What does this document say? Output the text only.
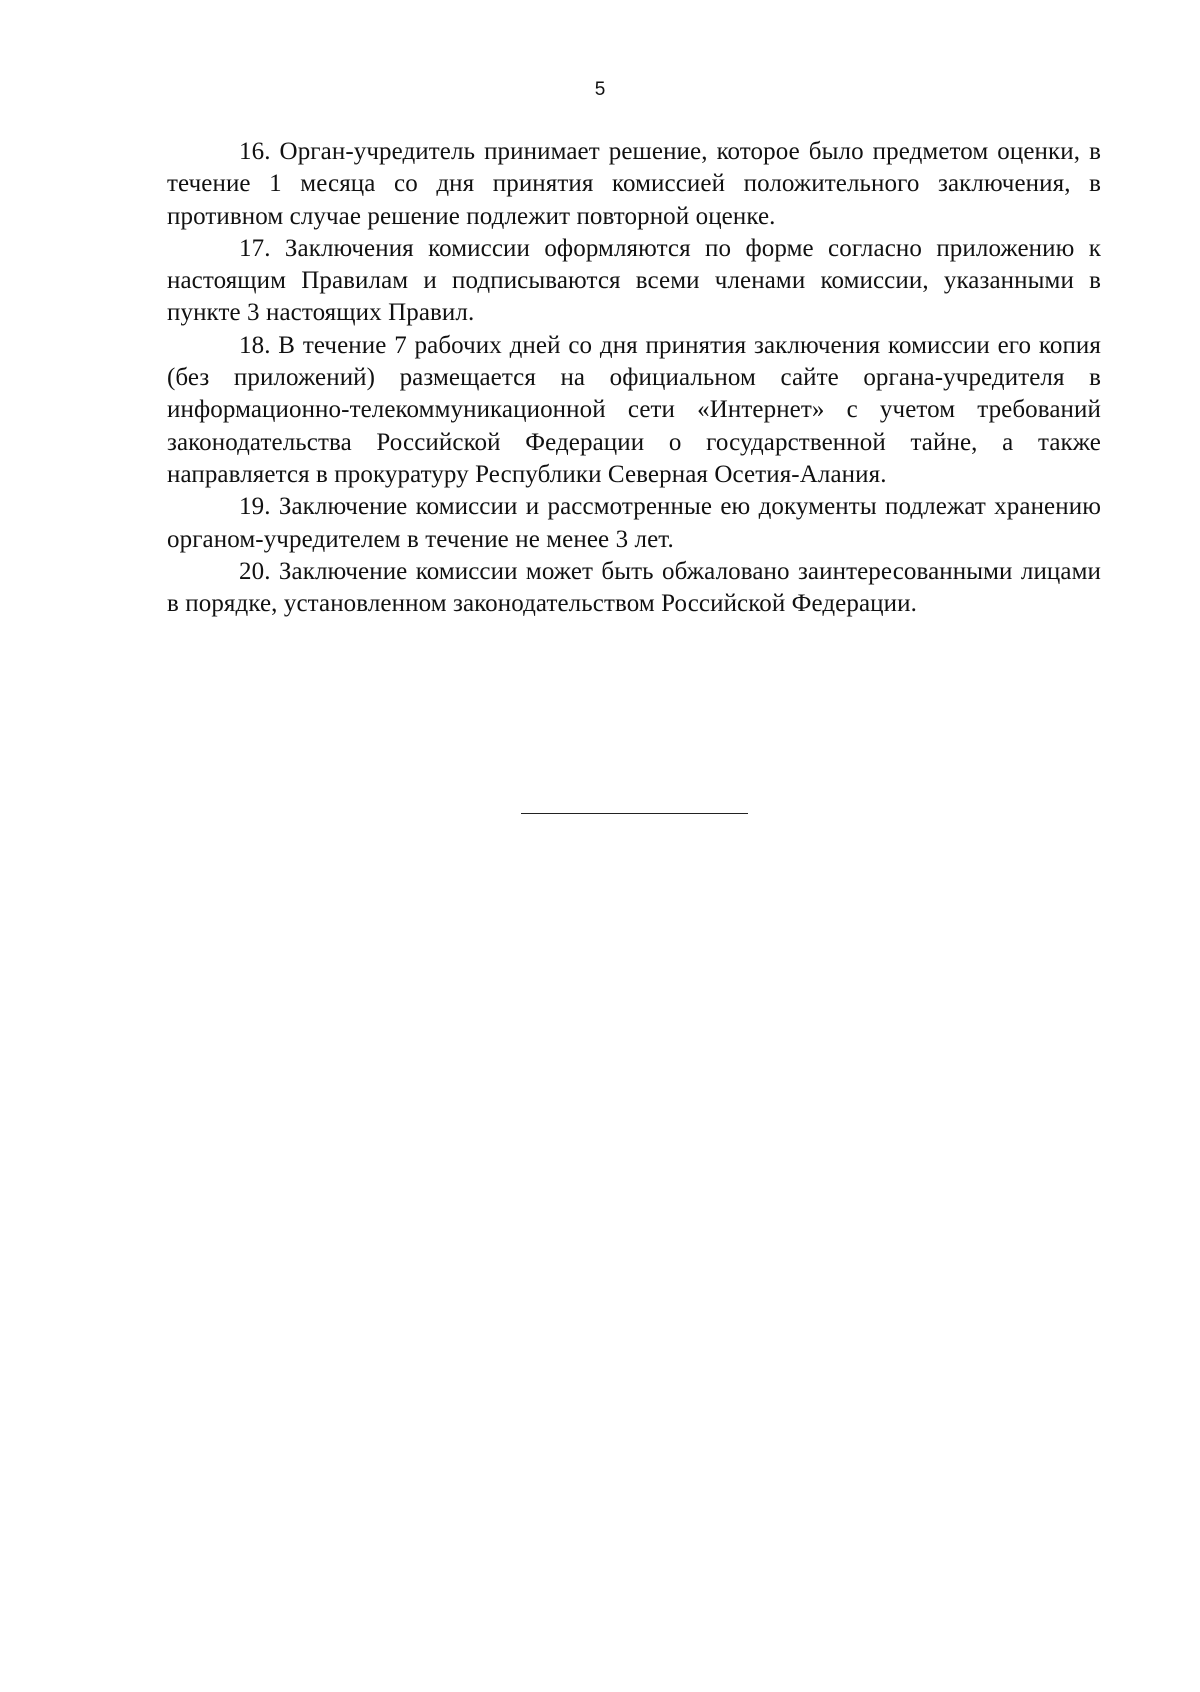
5

16. Орган-учредитель принимает решение, которое было предметом оценки, в течение 1 месяца со дня принятия комиссией положительного заключения, в противном случае решение подлежит повторной оценке.

17. Заключения комиссии оформляются по форме согласно приложению к настоящим Правилам и подписываются всеми членами комиссии, указанными в пункте 3 настоящих Правил.

18. В течение 7 рабочих дней со дня принятия заключения комиссии его копия (без приложений) размещается на официальном сайте органа-учредителя в информационно-телекоммуникационной сети «Интернет» с учетом требований законодательства Российской Федерации о государственной тайне, а также направляется в прокуратуру Республики Северная Осетия-Алания.

19. Заключение комиссии и рассмотренные ею документы подлежат хранению органом-учредителем в течение не менее 3 лет.

20. Заключение комиссии может быть обжаловано заинтересованными лицами в порядке, установленном законодательством Российской Федерации.
